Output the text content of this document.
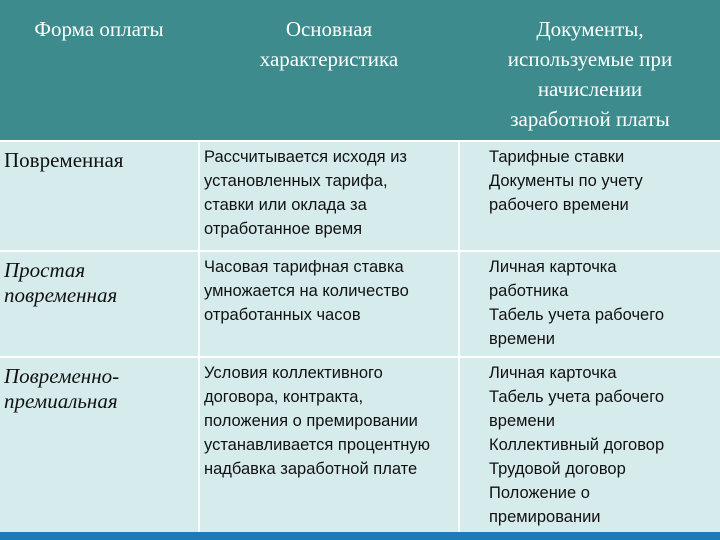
Форма оплаты	Основная
характеристика
Документы,
используемые при
начислении
заработной платы
Повременная	Рассчитывается исходя из
установленных тарифа,
ставки или оклада за
отработанное время
Тарифные ставки
Документы по учету
рабочего времени
Простая
повременная
Часовая тарифная ставка
умножается на количество
отработанных часов
Личная карточка
работника
Табель учета рабочего
времени
Повременно-
премиальная
Условия коллективного
договора, контракта,
положения о премировании
устанавливается процентную
надбавка заработной плате
Личная карточка
Табель учета рабочего
времени
Коллективный договор
Трудовой договор
Положение о
премировании
